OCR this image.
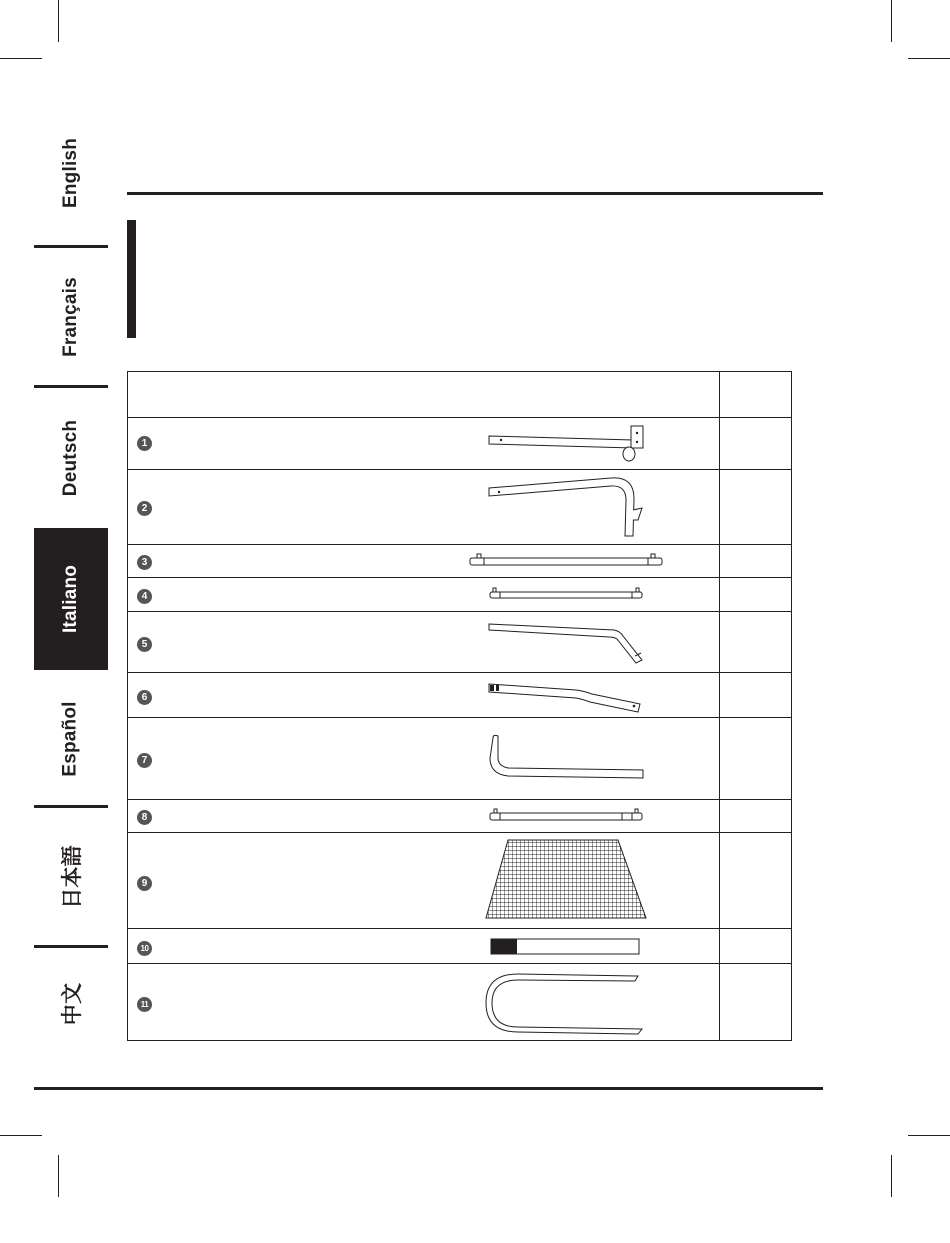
English
Français
Deutsch
Italiano
Español
日本語
中文
1
2
3
4
5
6
7
8
9
10
11
